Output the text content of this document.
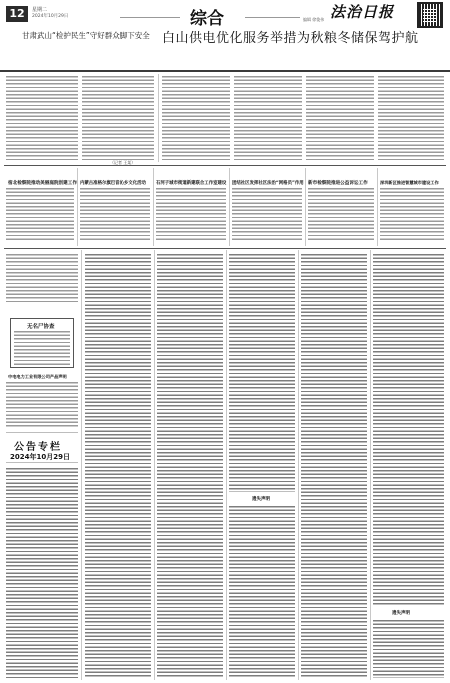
12	星期二
2024年10月29日	综合	编辑 徐俊伟 法治日报
甘肃武山“检护民生”守好群众脚下安全 白山供电优化服务举措为秋粮冬储保驾护航
（记者 王某）
宿北检察院推动美丽庭院创建工作 内蒙古准格尔旗巴音沁乡文化活动 石河子城市街道新建联合工作室建设 团结社区发挥社区法治“网格员”作用 新市检察院推进公益诉讼工作	深圳新区推进智慧城市建设工作
无名尸协查
中电电力工业有限公司产品声明
公告专栏
2024年10月29日
遗失声明
遗失声明
